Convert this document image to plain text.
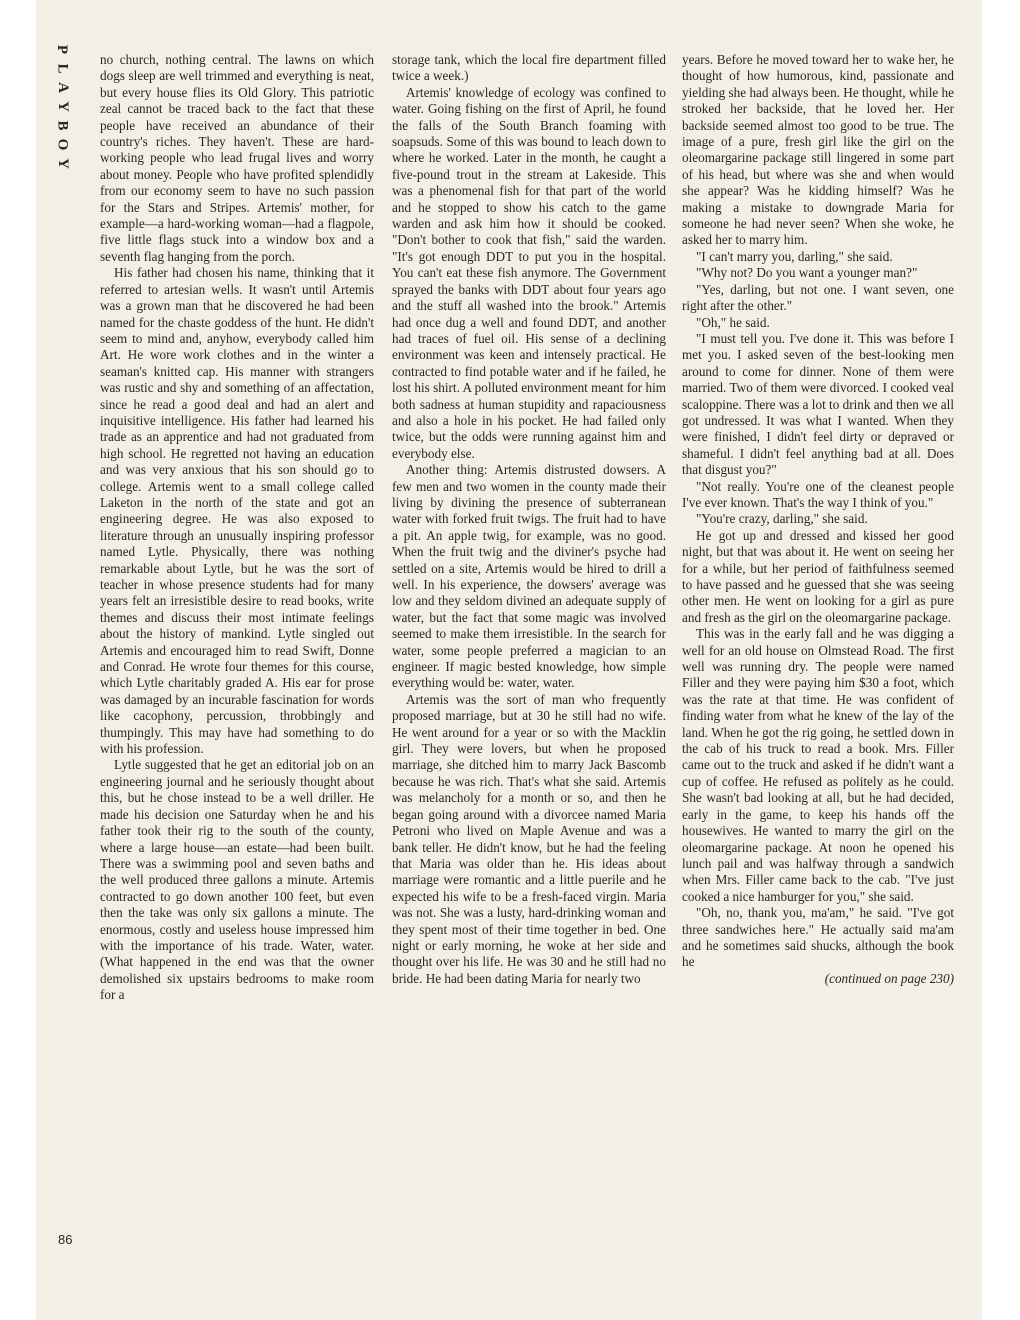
P
L
A
Y
B
O
Y

no church, nothing central. The lawns on which dogs sleep are well trimmed and everything is neat, but every house flies its Old Glory. This patriotic zeal cannot be traced back to the fact that these people have received an abundance of their country's riches. They haven't. These are hard-working people who lead frugal lives and worry about money. People who have profited splendidly from our economy seem to have no such passion for the Stars and Stripes. Artemis' mother, for example—a hard-working woman—had a flagpole, five little flags stuck into a window box and a seventh flag hanging from the porch.

His father had chosen his name, thinking that it referred to artesian wells. It wasn't until Artemis was a grown man that he discovered he had been named for the chaste goddess of the hunt. He didn't seem to mind and, anyhow, everybody called him Art. He wore work clothes and in the winter a seaman's knitted cap. His manner with strangers was rustic and shy and something of an affectation, since he read a good deal and had an alert and inquisitive intelligence. His father had learned his trade as an apprentice and had not graduated from high school. He regretted not having an education and was very anxious that his son should go to college. Artemis went to a small college called Laketon in the north of the state and got an engineering degree. He was also exposed to literature through an unusually inspiring professor named Lytle. Physically, there was nothing remarkable about Lytle, but he was the sort of teacher in whose presence students had for many years felt an irresistible desire to read books, write themes and discuss their most intimate feelings about the history of mankind. Lytle singled out Artemis and encouraged him to read Swift, Donne and Conrad. He wrote four themes for this course, which Lytle charitably graded A. His ear for prose was damaged by an incurable fascination for words like cacophony, percussion, throbbingly and thumpingly. This may have had something to do with his profession.

Lytle suggested that he get an editorial job on an engineering journal and he seriously thought about this, but he chose instead to be a well driller. He made his decision one Saturday when he and his father took their rig to the south of the county, where a large house—an estate—had been built. There was a swimming pool and seven baths and the well produced three gallons a minute. Artemis contracted to go down another 100 feet, but even then the take was only six gallons a minute. The enormous, costly and useless house impressed him with the importance of his trade. Water, water. (What happened in the end was that the owner demolished six upstairs bedrooms to make room for a

storage tank, which the local fire department filled twice a week.)

Artemis' knowledge of ecology was confined to water. Going fishing on the first of April, he found the falls of the South Branch foaming with soapsuds. Some of this was bound to leach down to where he worked. Later in the month, he caught a five-pound trout in the stream at Lakeside. This was a phenomenal fish for that part of the world and he stopped to show his catch to the game warden and ask him how it should be cooked. "Don't bother to cook that fish," said the warden. "It's got enough DDT to put you in the hospital. You can't eat these fish anymore. The Government sprayed the banks with DDT about four years ago and the stuff all washed into the brook." Artemis had once dug a well and found DDT, and another had traces of fuel oil. His sense of a declining environment was keen and intensely practical. He contracted to find potable water and if he failed, he lost his shirt. A polluted environment meant for him both sadness at human stupidity and rapaciousness and also a hole in his pocket. He had failed only twice, but the odds were running against him and everybody else.

Another thing: Artemis distrusted dowsers. A few men and two women in the county made their living by divining the presence of subterranean water with forked fruit twigs. The fruit had to have a pit. An apple twig, for example, was no good. When the fruit twig and the diviner's psyche had settled on a site, Artemis would be hired to drill a well. In his experience, the dowsers' average was low and they seldom divined an adequate supply of water, but the fact that some magic was involved seemed to make them irresistible. In the search for water, some people preferred a magician to an engineer. If magic bested knowledge, how simple everything would be: water, water.

Artemis was the sort of man who frequently proposed marriage, but at 30 he still had no wife. He went around for a year or so with the Macklin girl. They were lovers, but when he proposed marriage, she ditched him to marry Jack Bascomb because he was rich. That's what she said. Artemis was melancholy for a month or so, and then he began going around with a divorcee named Maria Petroni who lived on Maple Avenue and was a bank teller. He didn't know, but he had the feeling that Maria was older than he. His ideas about marriage were romantic and a little puerile and he expected his wife to be a fresh-faced virgin. Maria was not. She was a lusty, hard-drinking woman and they spent most of their time together in bed. One night or early morning, he woke at her side and thought over his life. He was 30 and he still had no bride. He had been dating Maria for nearly two

years. Before he moved toward her to wake her, he thought of how humorous, kind, passionate and yielding she had always been. He thought, while he stroked her backside, that he loved her. Her backside seemed almost too good to be true. The image of a pure, fresh girl like the girl on the oleomargarine package still lingered in some part of his head, but where was she and when would she appear? Was he kidding himself? Was he making a mistake to downgrade Maria for someone he had never seen? When she woke, he asked her to marry him.

"I can't marry you, darling," she said.

"Why not? Do you want a younger man?"

"Yes, darling, but not one. I want seven, one right after the other."

"Oh," he said.

"I must tell you. I've done it. This was before I met you. I asked seven of the best-looking men around to come for dinner. None of them were married. Two of them were divorced. I cooked veal scaloppine. There was a lot to drink and then we all got undressed. It was what I wanted. When they were finished, I didn't feel dirty or depraved or shameful. I didn't feel anything bad at all. Does that disgust you?"

"Not really. You're one of the cleanest people I've ever known. That's the way I think of you."

"You're crazy, darling," she said.

He got up and dressed and kissed her good night, but that was about it. He went on seeing her for a while, but her period of faithfulness seemed to have passed and he guessed that she was seeing other men. He went on looking for a girl as pure and fresh as the girl on the oleomargarine package.

This was in the early fall and he was digging a well for an old house on Olmstead Road. The first well was running dry. The people were named Filler and they were paying him $30 a foot, which was the rate at that time. He was confident of finding water from what he knew of the lay of the land. When he got the rig going, he settled down in the cab of his truck to read a book. Mrs. Filler came out to the truck and asked if he didn't want a cup of coffee. He refused as politely as he could. She wasn't bad looking at all, but he had decided, early in the game, to keep his hands off the housewives. He wanted to marry the girl on the oleomargarine package. At noon he opened his lunch pail and was halfway through a sandwich when Mrs. Filler came back to the cab. "I've just cooked a nice hamburger for you," she said.

"Oh, no, thank you, ma'am," he said. "I've got three sandwiches here." He actually said ma'am and he sometimes said shucks, although the book he

(continued on page 230)

86
